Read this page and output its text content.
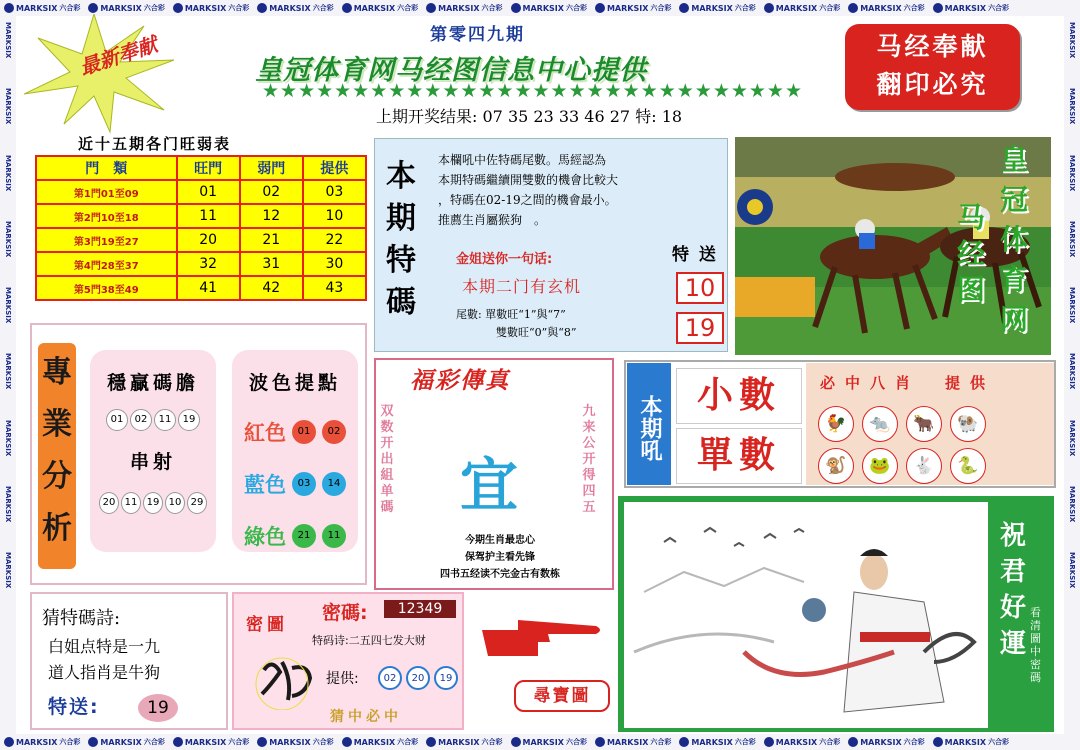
MARKSIX 六合彩	MARKSIX 六合彩	MARKSIX 六合彩	MARKSIX 六合彩	MARKSIX 六合彩	MARKSIX 六合彩	MARKSIX 六合彩	MARKSIX 六合彩	MARKSIX 六合彩	MARKSIX 六合彩	MARKSIX 六合彩	MARKSIX 六合彩
MARKSIX 六合彩	MARKSIX 六合彩	MARKSIX 六合彩	MARKSIX 六合彩	MARKSIX 六合彩	MARKSIX 六合彩	MARKSIX 六合彩	MARKSIX 六合彩	MARKSIX 六合彩	MARKSIX 六合彩	MARKSIX 六合彩	MARKSIX 六合彩
MARKSIX
MARKSIX
MARKSIX
MARKSIX
MARKSIX
MARKSIX
MARKSIX
MARKSIX
MARKSIX
MARKSIX
MARKSIX
MARKSIX
MARKSIX
MARKSIX
MARKSIX
MARKSIX
MARKSIX
MARKSIX
最新奉献	第零四九期
皇冠体育网马经图信息中心提供
★★★★★★★★★★★★★★★★★★★★★★★★★★★★★★
上期开奖结果: 07 35 23 33 46 27 特: 18
马经奉献
翻印必究
近十五期各门旺弱表
門　類	旺門	弱門	提供
第1門01至09	01	02	03
第2門10至18	11	12	10
第3門19至27	20	21	22
第4門28至37	32	31	30
第5門38至49	41	42	43
本期特碼
本欄吼中佐特碼尾數。馬經認為
本期特碼繼續開雙數的機會比較大
，特碼在02-19之間的機會最小。
推薦生肖屬猴狗　。
金姐送你一句话:
本期二门有玄机
尾數: 單數旺“1”與“7”
雙數旺“0”與“8”
特 送
10
19
马经图
皇冠体育网
專業分析
穩贏碼膽
01 02 11 19
串射
20 11 19 10 29
波色提點
紅色	01	02
藍色	03	14
綠色	21	11
福彩傳真
双数开出組单碼
九来公开得四五
宜
今期生肖最忠心
保驾护主看先锋
四书五经读不完金古有数栋
本期吼 小數
單數
必中八肖　提供
🐓 🐀 🐂 🐏
🐒 🐸 🐇 🐍
祝君好運
看清圖中密碼
猜特碼詩:
白姐点特是一九
道人指肖是牛狗
特送:	19
密圖
密碼:	12349
特码诗:二五四七发大财
提供:	02 20 19
猜中必中
尋寶圖
